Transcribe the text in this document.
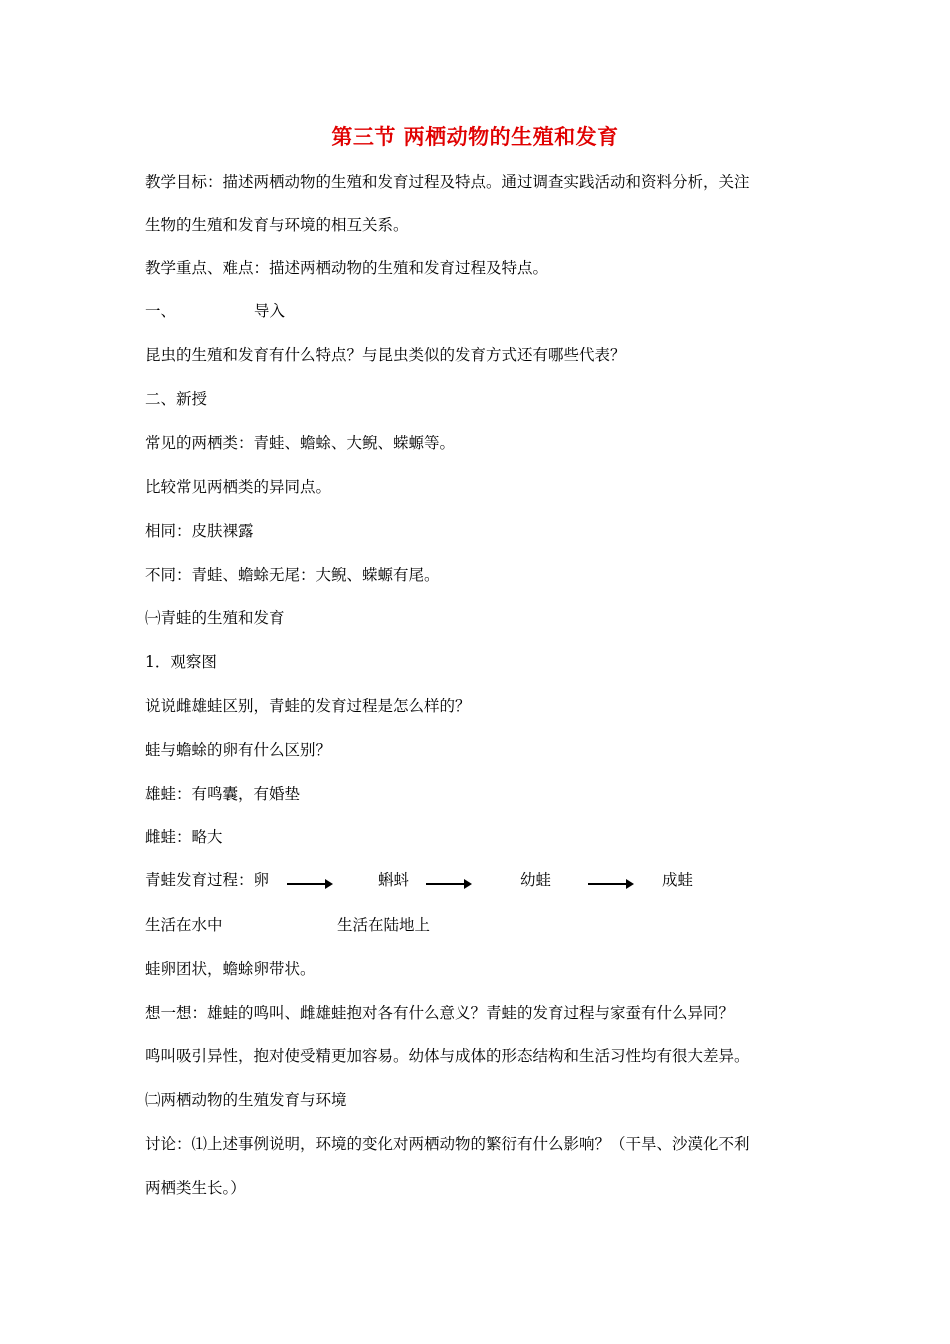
第三节 两栖动物的生殖和发育
教学目标：描述两栖动物的生殖和发育过程及特点。通过调查实践活动和资料分析，关注
生物的生殖和发育与环境的相互关系。
教学重点、难点：描述两栖动物的生殖和发育过程及特点。
一、	导入
昆虫的生殖和发育有什么特点？与昆虫类似的发育方式还有哪些代表？
二、新授
常见的两栖类：青蛙、蟾蜍、大鲵、蝾螈等。
比较常见两栖类的异同点。
相同：皮肤裸露
不同：青蛙、蟾蜍无尾：大鲵、蝾螈有尾。
㈠青蛙的生殖和发育
1．观察图
说说雌雄蛙区别，青蛙的发育过程是怎么样的？
蛙与蟾蜍的卵有什么区别？
雄蛙：有鸣囊，有婚垫
雌蛙：略大
青蛙发育过程：卵	蝌蚪	幼蛙	成蛙
生活在水中	生活在陆地上
蛙卵团状，蟾蜍卵带状。
想一想：雄蛙的鸣叫、雌雄蛙抱对各有什么意义？青蛙的发育过程与家蚕有什么异同？
鸣叫吸引异性，抱对使受精更加容易。幼体与成体的形态结构和生活习性均有很大差异。
㈡两栖动物的生殖发育与环境
讨论：⑴上述事例说明，环境的变化对两栖动物的繁衍有什么影响？（干旱、沙漠化不利
两栖类生长。）
